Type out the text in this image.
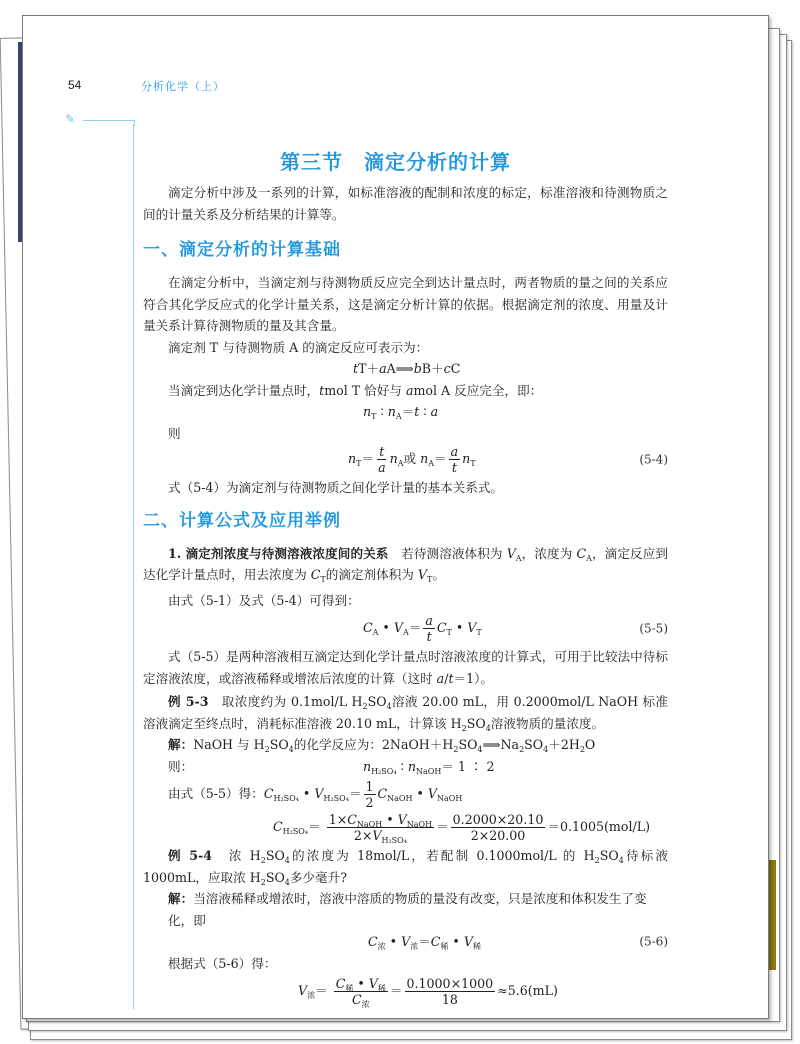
54	分析化学（上）
✎
第三节　滴定分析的计算
滴定分析中涉及一系列的计算，如标准溶液的配制和浓度的标定，标准溶液和待测物质之间的计量关系及分析结果的计算等。
一、滴定分析的计算基础
在滴定分析中，当滴定剂与待测物质反应完全到达计量点时，两者物质的量之间的关系应符合其化学反应式的化学计量关系，这是滴定分析计算的依据。根据滴定剂的浓度、用量及计量关系计算待测物质的量及其含量。
滴定剂 T 与待测物质 A 的滴定反应可表示为：
tT＋aA⟹bB＋cC
当滴定到达化学计量点时，tmol T 恰好与 amol A 反应完全，即：
$n_T$ ∶ $n_A=t$ ∶ a
则
$n_T= \frac{t}{a} n_A$或 $n_A= \frac{a}{t} n_T$	(5-4)
式（5-4）为滴定剂与待测物质之间化学计量的基本关系式。
二、计算公式及应用举例
1. 滴定剂浓度与待测溶液浓度间的关系　若待测溶液体积为 $V_A$，浓度为 $C_A$，滴定反应到达化学计量点时，用去浓度为 $C_T$的滴定剂体积为 $V_T$。
由式（5-1）及式（5-4）可得到：
$C_A$ • $V_A= \frac{a}{t} C_T$ • $V_T$	(5-5)
式（5-5）是两种溶液相互滴定达到化学计量点时溶液浓度的计算式，可用于比较法中待标定溶液浓度，或溶液稀释或增浓后浓度的计算（这时 a/t＝1）。
例 5-3　取浓度约为 0.1mol/L $H_2SO_4$溶液 20.00 mL，用 0.2000mol/L NaOH 标准溶液滴定至终点时，消耗标准溶液 20.10 mL，计算该 $H_2SO_4$溶液物质的量浓度。
解：NaOH 与 $H_2SO_4$的化学反应为：$2NaOH+H_2SO_4⟹Na_2SO_4+2H_2O$
则：	$n_{H_2SO_4}$ ∶ $n_{NaOH}= 1$ ∶ 2
由式（5-5）得：$C_{H_2SO_4}$ • $V_{H_2SO_4}= \frac{1}{2} C_{NaOH}$ • $V_{NaOH}$
$C_{H_2SO_4}= \frac{1\times C_{NaOH} • V_{NaOH}}{2\times V_{H_2SO_4}} = \frac{0.2000\times 20.10}{2\times 20.00} =0.1005(mol/L)$
例 5-4　浓 $H_2SO_4$的浓度为 18mol/L，若配制 0.1000mol/L 的 $H_2SO_4$待标液 1000mL，应取浓 $H_2SO_4$多少毫升?
解：当溶液稀释或增浓时，溶液中溶质的物质的量没有改变，只是浓度和体积发生了变化，即
$C_浓$ • $V_浓=C_稀$ • $V_稀$	(5-6)
根据式（5-6）得：
$V_浓= \frac{C_稀 • V_稀}{C_浓} = \frac{0.1000\times 1000}{18} \approx 5.6(mL)$
